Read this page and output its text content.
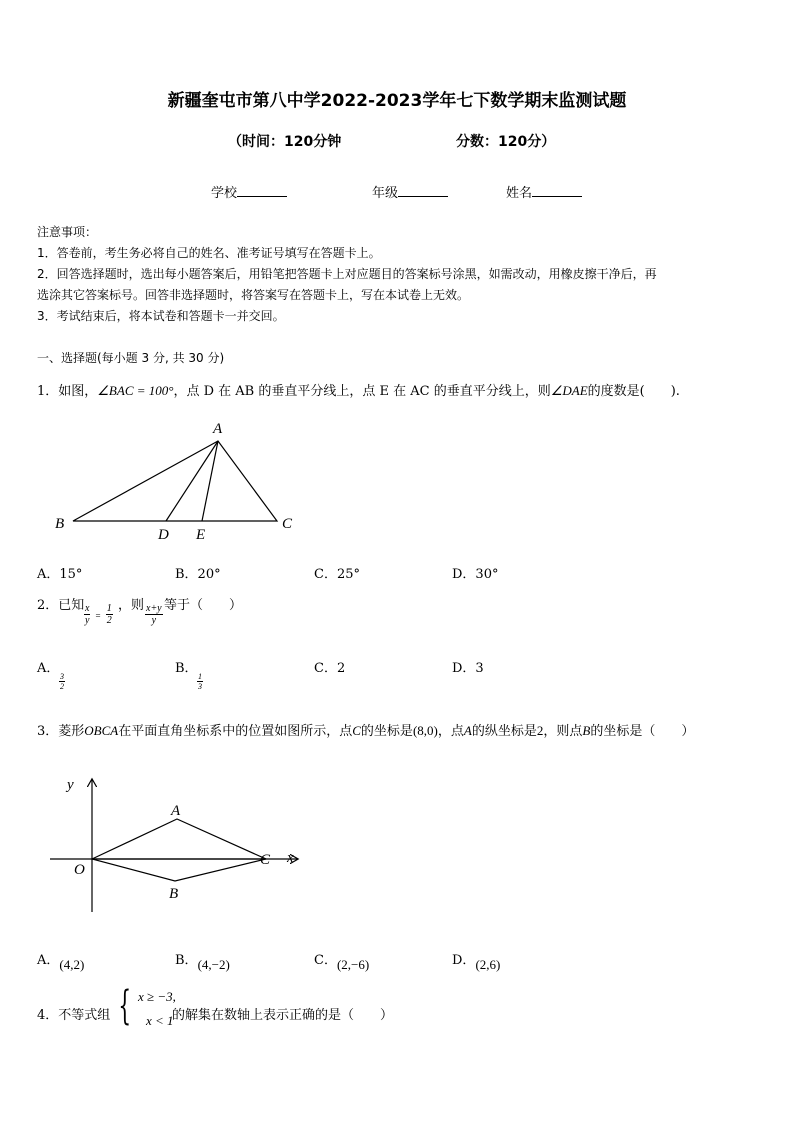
新疆奎屯市第八中学2022-2023学年七下数学期末监测试题
（时间：120分钟	分数：120分）
学校	年级	姓名
注意事项：
1．答卷前，考生务必将自己的姓名、准考证号填写在答题卡上。
2．回答选择题时，选出每小题答案后，用铅笔把答题卡上对应题目的答案标号涂黑，如需改动，用橡皮擦干净后，再
选涂其它答案标号。回答非选择题时，将答案写在答题卡上，写在本试卷上无效。
3．考试结束后，将本试卷和答题卡一并交回。
一、选择题(每小题 3 分, 共 30 分)
1．如图，∠BAC = 100°，点 D 在 AB 的垂直平分线上，点 E 在 AC 的垂直平分线上，则∠DAE的度数是(　　).
A
B	C
D E
A．15°	B．20°	C．25°	D．30°
2．已知 $\frac{x}{y} = \frac{1}{2}$ ，则 $\frac{x+y}{y}$ 等于（　　）
A．
$\frac{3}{2}$
B．
$\frac{1}{3}$
C．2	D．3
3．菱形OBCA在平面直角坐标系中的位置如图所示，点C的坐标是(8,0)，点A的纵坐标是2，则点B的坐标是（　　）
y
x
O
A
B
C
A．(4,2)	B．(4,−2)	C．(2,−6)	D．(2,6)
4．不等式组 { x ≥ −3,
x < 1
的解集在数轴上表示正确的是（　　）
